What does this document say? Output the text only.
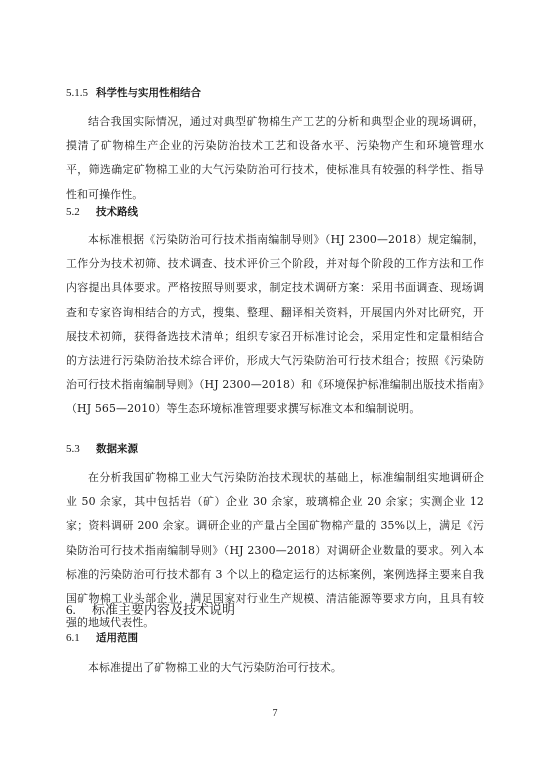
5.1.5 科学性与实用性相结合
结合我国实际情况，通过对典型矿物棉生产工艺的分析和典型企业的现场调研，摸清了矿物棉生产企业的污染防治技术工艺和设备水平、污染物产生和环境管理水平，筛选确定矿物棉工业的大气污染防治可行技术，使标准具有较强的科学性、指导性和可操作性。
5.2 技术路线
本标准根据《污染防治可行技术指南编制导则》（HJ 2300—2018）规定编制，工作分为技术初筛、技术调查、技术评价三个阶段，并对每个阶段的工作方法和工作内容提出具体要求。严格按照导则要求，制定技术调研方案：采用书面调查、现场调查和专家咨询相结合的方式，搜集、整理、翻译相关资料，开展国内外对比研究，开展技术初筛，获得备选技术清单；组织专家召开标准讨论会，采用定性和定量相结合的方法进行污染防治技术综合评价，形成大气污染防治可行技术组合；按照《污染防治可行技术指南编制导则》（HJ 2300—2018）和《环境保护标准编制出版技术指南》（HJ 565—2010）等生态环境标准管理要求撰写标准文本和编制说明。
5.3 数据来源
在分析我国矿物棉工业大气污染防治技术现状的基础上，标准编制组实地调研企业 50 余家，其中包括岩（矿）企业 30 余家，玻璃棉企业 20 余家；实测企业 12 家；资料调研 200 余家。调研企业的产量占全国矿物棉产量的 35%以上，满足《污染防治可行技术指南编制导则》（HJ 2300—2018）对调研企业数量的要求。列入本标准的污染防治可行技术都有 3 个以上的稳定运行的达标案例，案例选择主要来自我国矿物棉工业头部企业，满足国家对行业生产规模、清洁能源等要求方向，且具有较强的地域代表性。
6. 标准主要内容及技术说明
6.1 适用范围
本标准提出了矿物棉工业的大气污染防治可行技术。
7
